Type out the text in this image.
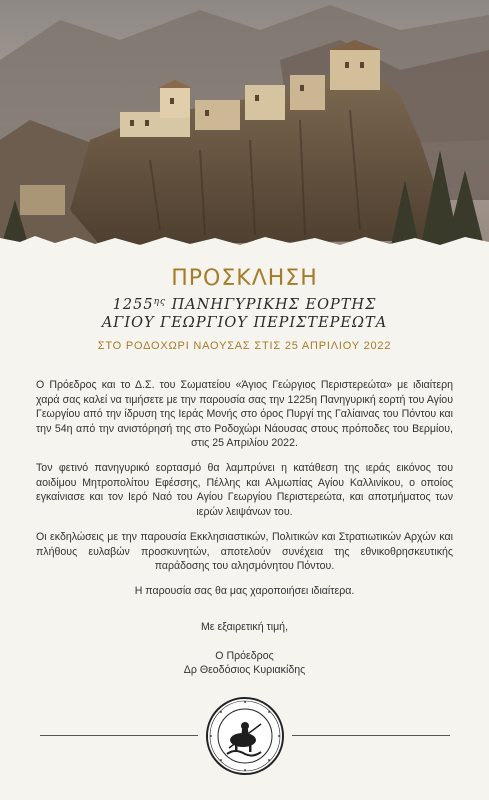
ΠΡΟΣΚΛΗΣΗ
$1255^{\eta\varsigma}$ ΠΑΝΗΓΥΡΙΚΗΣ ΕΟΡΤΗΣ
ΑΓΙΟΥ ΓΕΩΡΓΙΟΥ ΠΕΡΙΣΤΕΡΕΩΤΑ
ΣΤΟ ΡΟΔΟΧΩΡΙ ΝΑΟΥΣΑΣ ΣΤΙΣ 25 ΑΠΡΙΛΙΟΥ 2022
Ο Πρόεδρος και το Δ.Σ. του Σωματείου «Άγιος Γεώργιος Περιστερεώτα» με ιδιαίτερη χαρά σας καλεί να τιμήσετε με την παρουσία σας την 1225η Πανηγυρική εορτή του Αγίου Γεωργίου από την ίδρυση της Ιεράς Μονής στο όρος Πυργί της Γαλίαινας του Πόντου και την 54η από την ανιστόρησή της στο Ροδοχώρι Νάουσας στους πρόποδες του Βερμίου, στις 25 Απριλίου 2022.
Τον φετινό πανηγυρικό εορτασμό θα λαμπρύνει η κατάθεση της ιεράς εικόνος του αοιδίμου Μητροπολίτου Εφέσσης, Πέλλης και Αλμωπίας Αγίου Καλλινίκου, ο οποίος εγκαίνιασε και τον Ιερό Ναό του Αγίου Γεωργίου Περιστερεώτα, και αποτμήματος των ιερών λειψάνων του.
Οι εκδηλώσεις με την παρουσία Εκκλησιαστικών, Πολιτικών και Στρατιωτικών Αρχών και πλήθους ευλαβών προσκυνητών, αποτελούν συνέχεια της εθνικοθρησκευτικής παράδοσης του αλησμόνητου Πόντου.
Η παρουσία σας θα μας χαροποιήσει ιδιαίτερα.
Με εξαιρετική τιμή,
Ο Πρόεδρος
Δρ Θεοδόσιος Κυριακίδης
